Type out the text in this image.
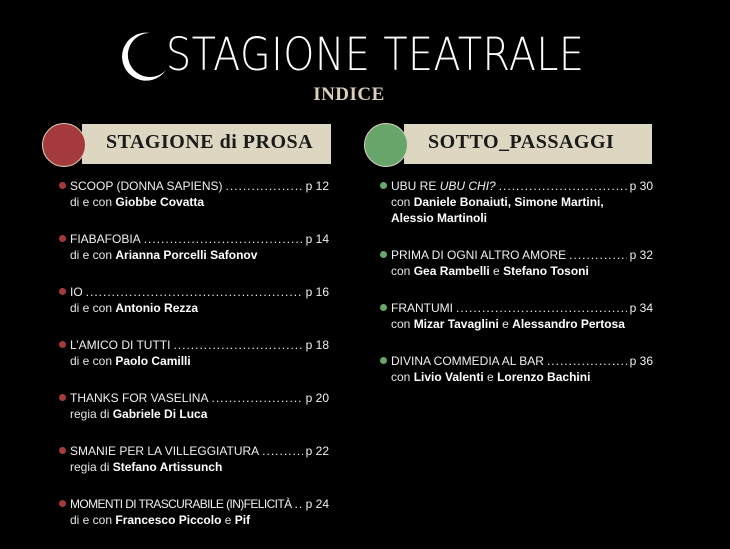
STAGIONE TEATRALE
INDICE
STAGIONE di PROSA	SOTTO_PASSAGGI
SCOOP (DONNA SAPIENS) .....	p 12
di e con Giobbe Covatta
FIABAFOBIA .....	p 14
di e con Arianna Porcelli Safonov
IO .....	p 16
di e con Antonio Rezza
L’AMICO DI TUTTI .....	p 18
di e con Paolo Camilli
THANKS FOR VASELINA .....	p 20
regia di Gabriele Di Luca
SMANIE PER LA VILLEGGIATURA .....	p 22
regia di Stefano Artissunch
MOMENTI DI TRASCURABILE (IN)FELICITÀ ..... p 24
di e con Francesco Piccolo e Pif
UBU RE UBU CHI? .....	p 30
con Daniele Bonaiuti, Simone Martini,
Alessio Martinoli
PRIMA DI OGNI ALTRO AMORE .....	p 32
con Gea Rambelli e Stefano Tosoni
FRANTUMI .....	p 34
con Mizar Tavaglini e Alessandro Pertosa
DIVINA COMMEDIA AL BAR .....	p 36
con Livio Valenti e Lorenzo Bachini
